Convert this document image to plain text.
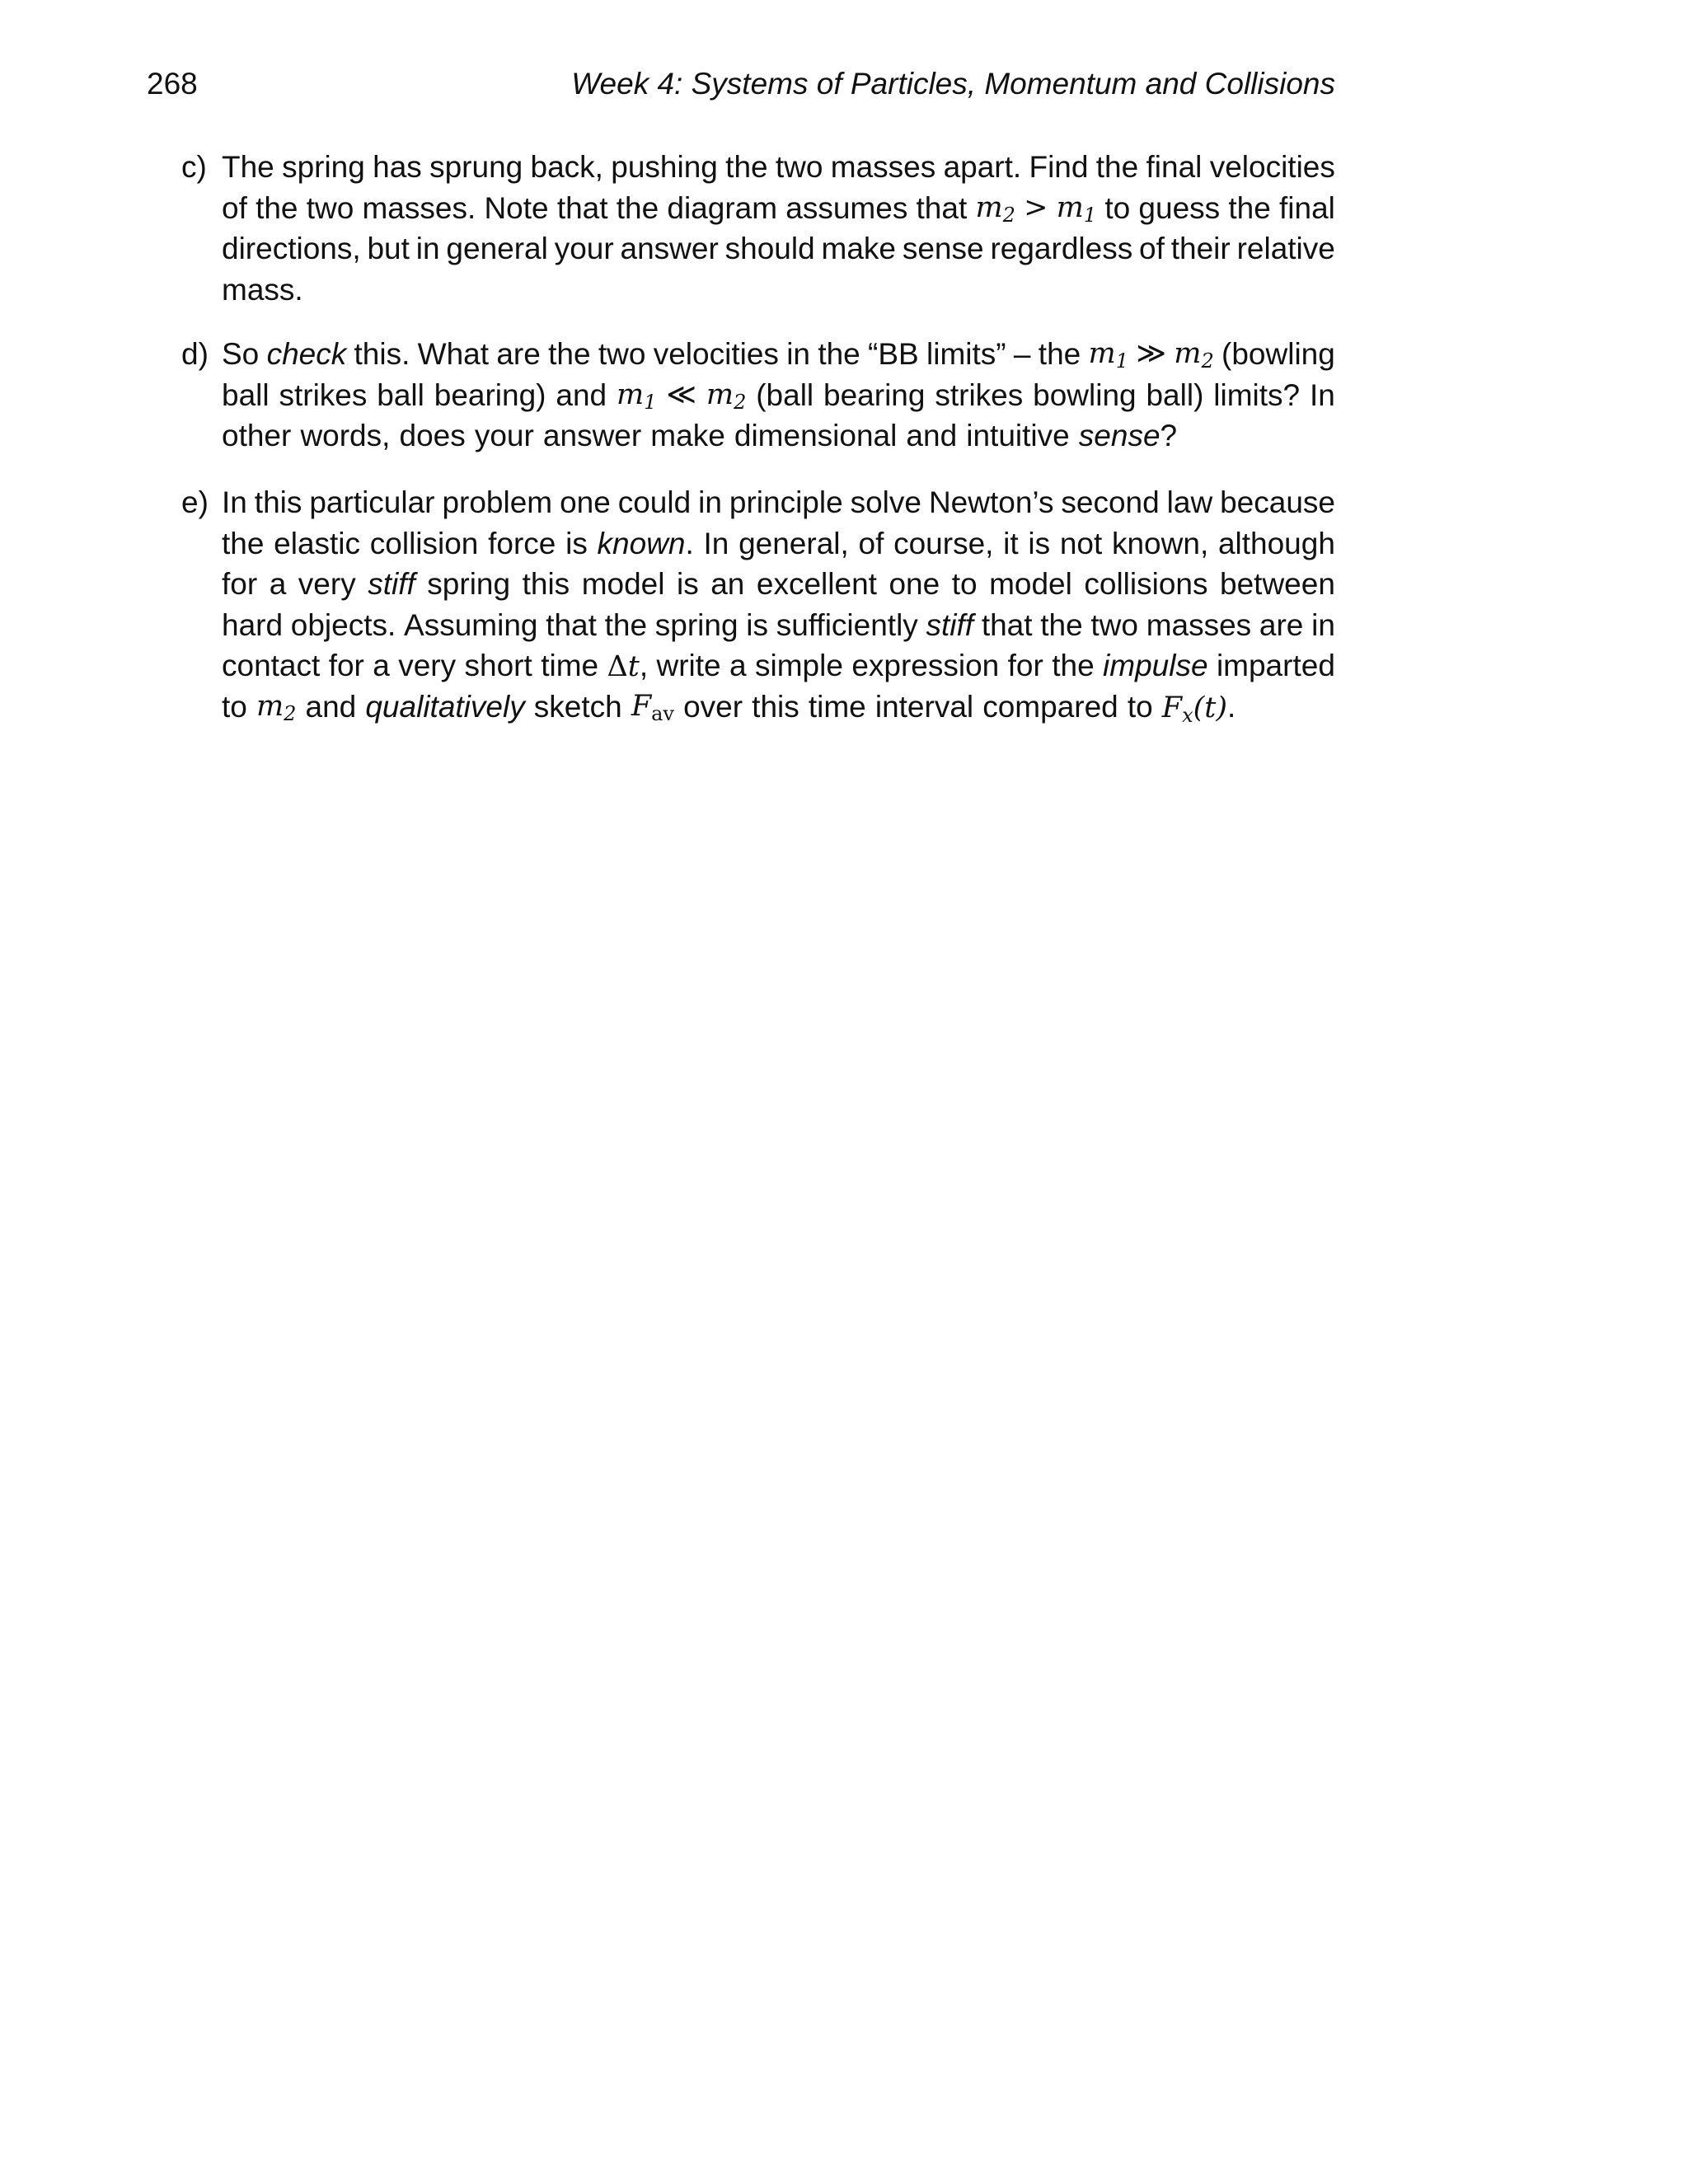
268	Week 4: Systems of Particles, Momentum and Collisions
c) The spring has sprung back, pushing the two masses apart. Find the final velocities
of the two masses. Note that the diagram assumes that $m_2 > m_1$ to guess the final
directions, but in general your answer should make sense regardless of their relative
mass.
d) So check this. What are the two velocities in the “BB limits” – the $m_1$ ≫ $m_2$ (bowling
ball strikes ball bearing) and $m_1$ ≪ $m_2$ (ball bearing strikes bowling ball) limits? In
other words, does your answer make dimensional and intuitive sense ?
e) In this particular problem one could in principle solve Newton’s second law because
the elastic collision force is known . In general, of course, it is not known, although
for a very stiff spring this model is an excellent one to model collisions between
hard objects. Assuming that the spring is sufficiently stiff that the two masses are in
contact for a very short time Δt , write a simple expression for the impulse imparted
to $m_2$ and qualitatively sketch $F_{av}$ over this time interval compared to $F_x(t)$ .
